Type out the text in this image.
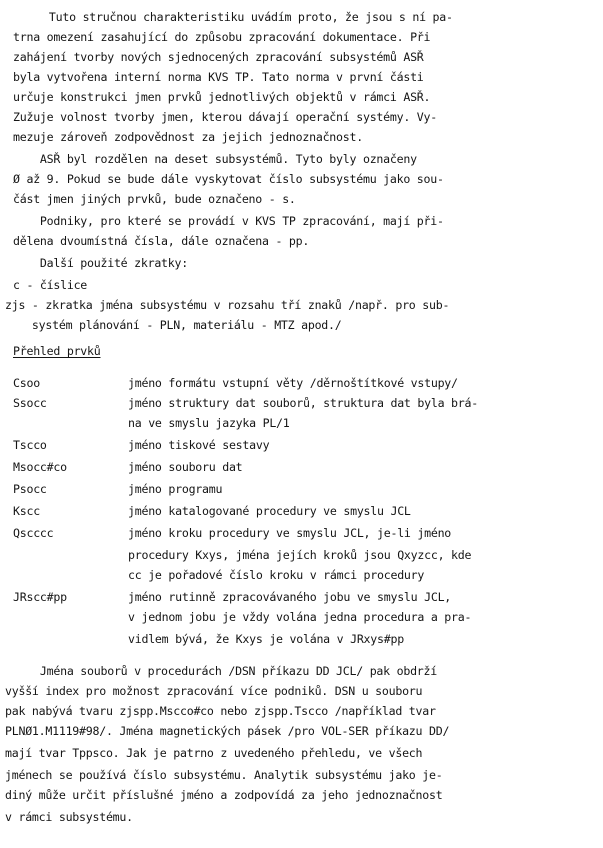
Tuto stručnou charakteristiku uvádím proto, že jsou s ní pa-
trna omezení zasahující do způsobu zpracování dokumentace. Při
zahájení tvorby nových sjednocených zpracování subsystémů ASŘ
byla vytvořena interní norma KVS TP. Tato norma v první části
určuje konstrukci jmen prvků jednotlivých objektů v rámci ASŘ.
Zužuje volnost tvorby jmen, kterou dávají operační systémy. Vy-
mezuje zároveň zodpovědnost za jejich jednoznačnost.
ASŘ byl rozdělen na deset subsystémů. Tyto byly označeny
Ø až 9. Pokud se bude dále vyskytovat číslo subsystému jako sou-
část jmen jiných prvků, bude označeno - s.
Podniky, pro které se provádí v KVS TP zpracování, mají při-
dělena dvoumístná čísla, dále označena - pp.
Další použité zkratky:
c - číslice
zjs - zkratka jména subsystému v rozsahu tří znaků /např. pro sub-
systém plánování - PLN, materiálu - MTZ apod./
Přehled prvků
Csoo	jméno formátu vstupní věty /děrnoštítkové vstupy/
Ssocc	jméno struktury dat souborů, struktura dat byla brá-
na ve smyslu jazyka PL/1
Tscco	jméno tiskové sestavy
Msocc#co	jméno souboru dat
Psocc	jméno programu
Kscc	jméno katalogované procedury ve smyslu JCL
Qscccc	jméno kroku procedury ve smyslu JCL, je-li jméno
procedury Kxys, jména jejích kroků jsou Qxyzcc, kde
cc je pořadové číslo kroku v rámci procedury
JRscc#pp	jméno rutinně zpracovávaného jobu ve smyslu JCL,
v jednom jobu je vždy volána jedna procedura a pra-
vidlem bývá, že Kxys je volána v JRxys#pp
Jména souborů v procedurách /DSN příkazu DD JCL/ pak obdrží
vyšší index pro možnost zpracování více podniků. DSN u souboru
pak nabývá tvaru zjspp.Mscco#co nebo zjspp.Tscco /například tvar
PLNØ1.M1119#98/. Jména magnetických pásek /pro VOL-SER příkazu DD/
mají tvar Tppsco. Jak je patrno z uvedeného přehledu, ve všech
jménech se používá číslo subsystému. Analytik subsystému jako je-
diný může určit příslušné jméno a zodpovídá za jeho jednoznačnost
v rámci subsystému.
